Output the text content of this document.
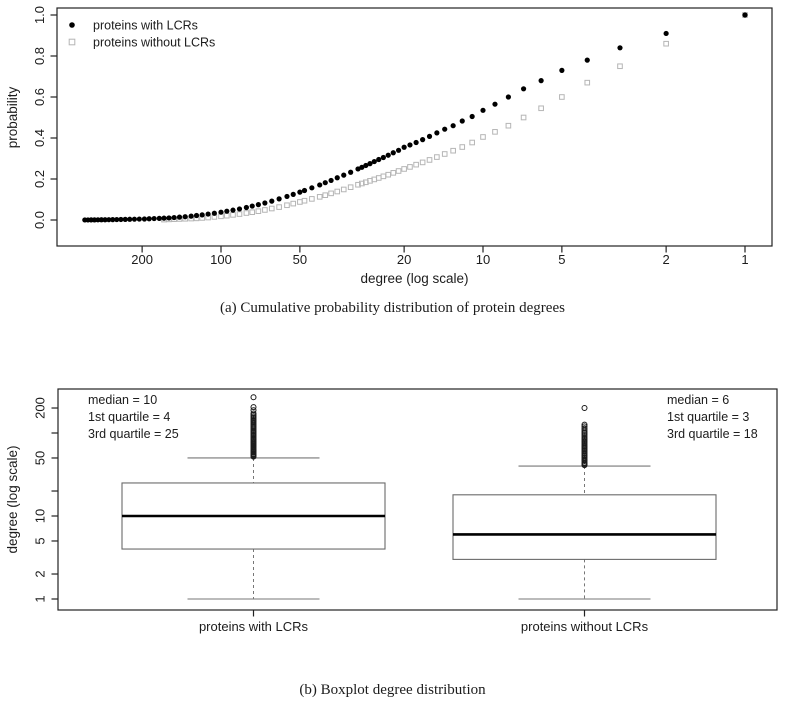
200	100	50	20	10	5	2	1
degree (log scale)
0.0
0.2
0.4
0.6
0.8
1.0
probability
proteins with LCRs
proteins without LCRs
(a) Cumulative probability distribution of protein degrees
200
50
10
5
2
1
degree (log scale)
proteins with LCRs
median = 10
1st quartile = 4
3rd quartile = 25
proteins without LCRs
median = 6
1st quartile = 3
3rd quartile = 18
(b) Boxplot degree distribution
